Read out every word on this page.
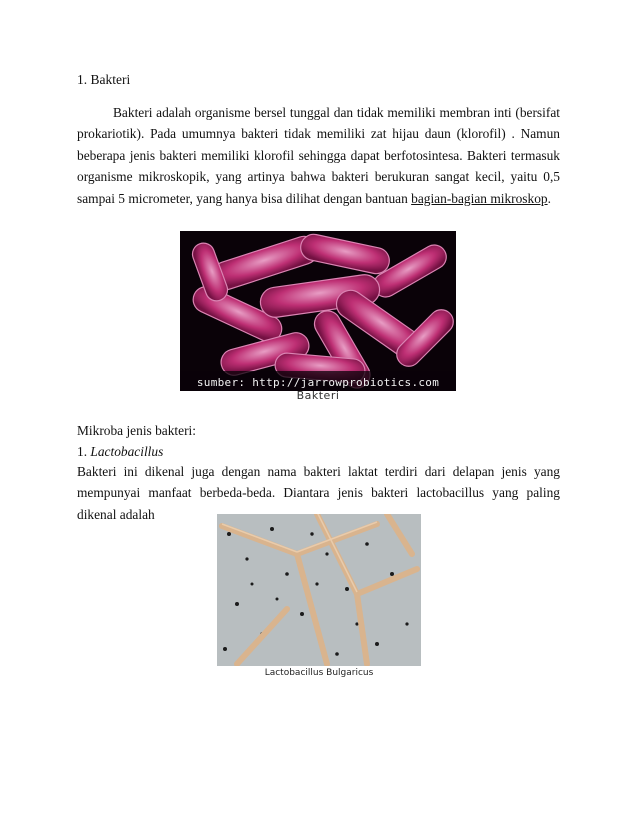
1. Bakteri

Bakteri adalah organisme bersel tunggal dan tidak memiliki membran inti (bersifat prokariotik). Pada umumnya bakteri tidak memiliki zat hijau daun (klorofil) . Namun beberapa jenis bakteri memiliki klorofil sehingga dapat berfotosintesa. Bakteri termasuk organisme mikroskopik, yang artinya bahwa bakteri berukuran sangat kecil, yaitu 0,5 sampai 5 micrometer, yang hanya bisa dilihat dengan bantuan bagian-bagian mikroskop.

sumber: http://jarrowprobiotics.com
Bakteri
Mikroba jenis bakteri:
1. Lactobacillus

Bakteri ini dikenal juga dengan nama bakteri laktat terdiri dari delapan jenis yang mempunyai manfaat berbeda-beda. Diantara jenis bakteri lactobacillus yang paling dikenal adalah

Lactobacillus Bulgaricus
